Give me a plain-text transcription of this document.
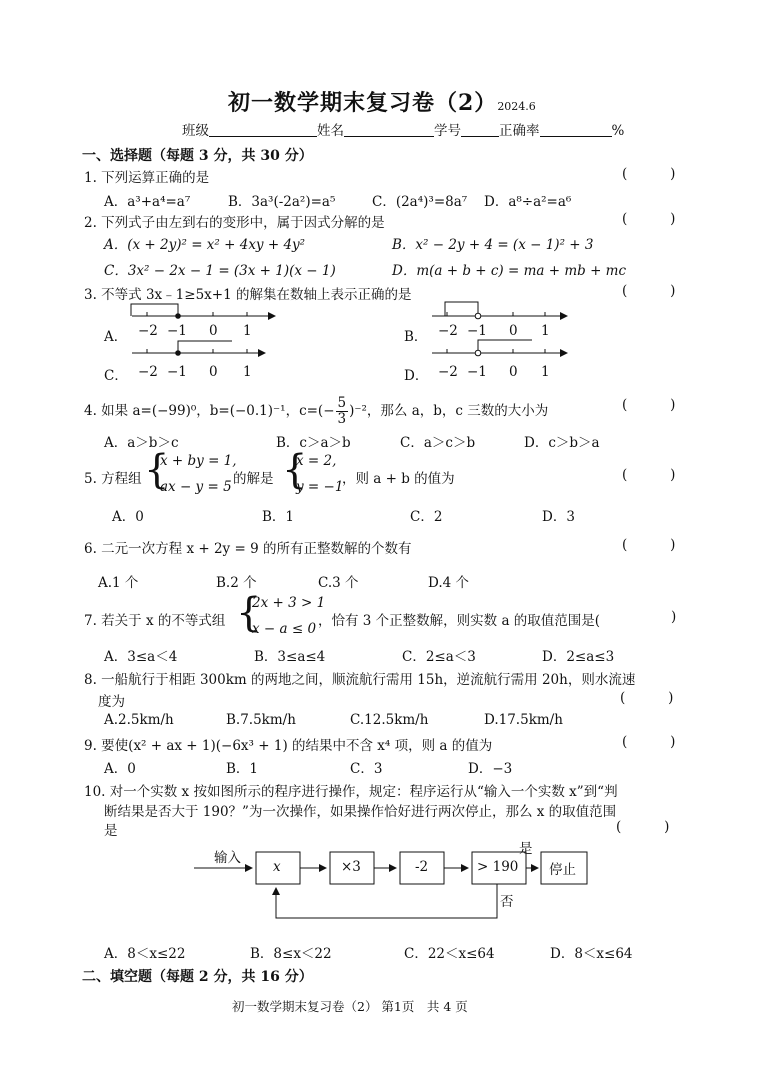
初一数学期末复习卷（2）2024.6
班级	姓名	学号	正确率	%
一、选择题（每题 3 分，共 30 分）
1. 下列运算正确的是	(          )
A．a³+a⁴=a⁷	B．3a³(-2a²)=a⁵	C．(2a⁴)³=8a⁷ D．a⁸÷a²=a⁶
2. 下列式子由左到右的变形中，属于因式分解的是	(          )
A．(x + 2y)² = x² + 4xy + 4y²	B．x² − 2y + 4 = (x − 1)² + 3
C．3x² − 2x − 1 = (3x + 1)(x − 1)	D．m(a + b + c) = ma + mb + mc
3. 不等式 3x﹣1≥5x+1 的解集在数轴上表示正确的是	(          )
A．	B．
C．	D．
−2 −1 0 1	−2 −1 0 1
−2 −1 0 1	−2 −1 0 1
4. 如果 a=(−99)⁰，b=(−0.1)⁻¹，$c=(- \frac{5}{3} )^{-2}$，那么 a，b，c 三数的大小为	(          )
A．a＞b＞c	B．c＞a＞b	C．a＞c＞b	D．c＞b＞a
5. 方程组 {
x + by = 1,
ax − y = 5 的解是 {
x = 2,
y = −1
，则 a + b 的值为	(          )
A．0	B．1	C．2	D．3
6. 二元一次方程 x + 2y = 9 的所有正整数解的个数有	(          )
A.1 个	B.2 个	C.3 个	D.4 个
7. 若关于 x 的不等式组 {
2x + 3 > 1
x − a ≤ 0 ，恰有 3 个正整数解，则实数 a 的取值范围是(	)
A．3≤a＜4	B．3≤a≤4	C．2≤a＜3	D．2≤a≤3
8. 一船航行于相距 300km 的两地之间，顺流航行需用 15h，逆流航行需用 20h，则水流速
度为	(          )
A.2.5km/h	B.7.5km/h	C.12.5km/h	D.17.5km/h
9. 要使(x² + ax + 1)(−6x³ + 1) 的结果中不含 x⁴ 项，则 a 的值为	(          )
A．0	B．1	C．3	D．−3
10. 对一个实数 x 按如图所示的程序进行操作，规定：程序运行从“输入一个实数 x”到“判
断结果是否大于 190？”为一次操作，如果操作恰好进行两次停止，那么 x 的取值范围
是	(          )
输入
x	×3	-2	> 190 停止
是
否
A．8＜x≤22	B．8≤x＜22	C．22＜x≤64	D．8＜x≤64
二、填空题（每题 2 分，共 16 分）
初一数学期末复习卷（2） 第1页　共 4 页
